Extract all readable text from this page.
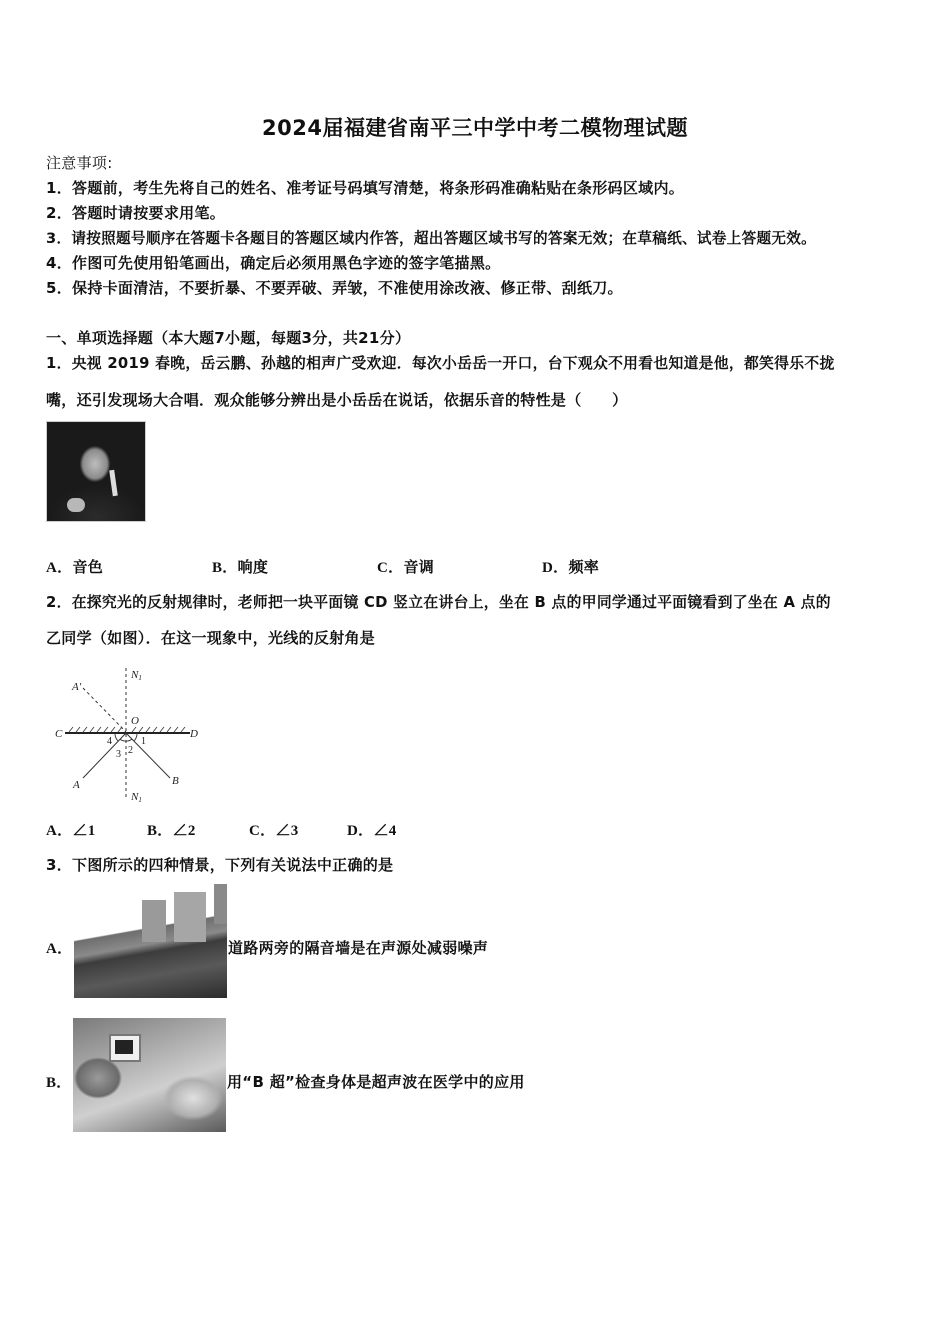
2024届福建省南平三中学中考二模物理试题
注意事项:
1．答题前，考生先将自己的姓名、准考证号码填写清楚，将条形码准确粘贴在条形码区域内。
2．答题时请按要求用笔。
3．请按照题号顺序在答题卡各题目的答题区域内作答，超出答题区域书写的答案无效；在草稿纸、试卷上答题无效。
4．作图可先使用铅笔画出，确定后必须用黑色字迹的签字笔描黑。
5．保持卡面清洁，不要折暴、不要弄破、弄皱，不准使用涂改液、修正带、刮纸刀。
一、单项选择题（本大题7小题，每题3分，共21分）
1．央视 2019 春晚，岳云鹏、孙越的相声广受欢迎．每次小岳岳一开口，台下观众不用看也知道是他，都笑得乐不拢
嘴，还引发现场大合唱．观众能够分辨出是小岳岳在说话，依据乐音的特性是（　　）
A．音色	B．响度	C．音调	D．频率
2．在探究光的反射规律时，老师把一块平面镜 CD 竖立在讲台上，坐在 B 点的甲同学通过平面镜看到了坐在 A 点的
乙同学（如图）．在这一现象中，光线的反射角是
N1
A′
O
C	D
A	B
N1
1
2
3
4
A．∠1	B．∠2	C．∠3	D．∠4
3．下图所示的四种情景，下列有关说法中正确的是
A．	道路两旁的隔音墙是在声源处减弱噪声
B．	用“B 超”检查身体是超声波在医学中的应用
